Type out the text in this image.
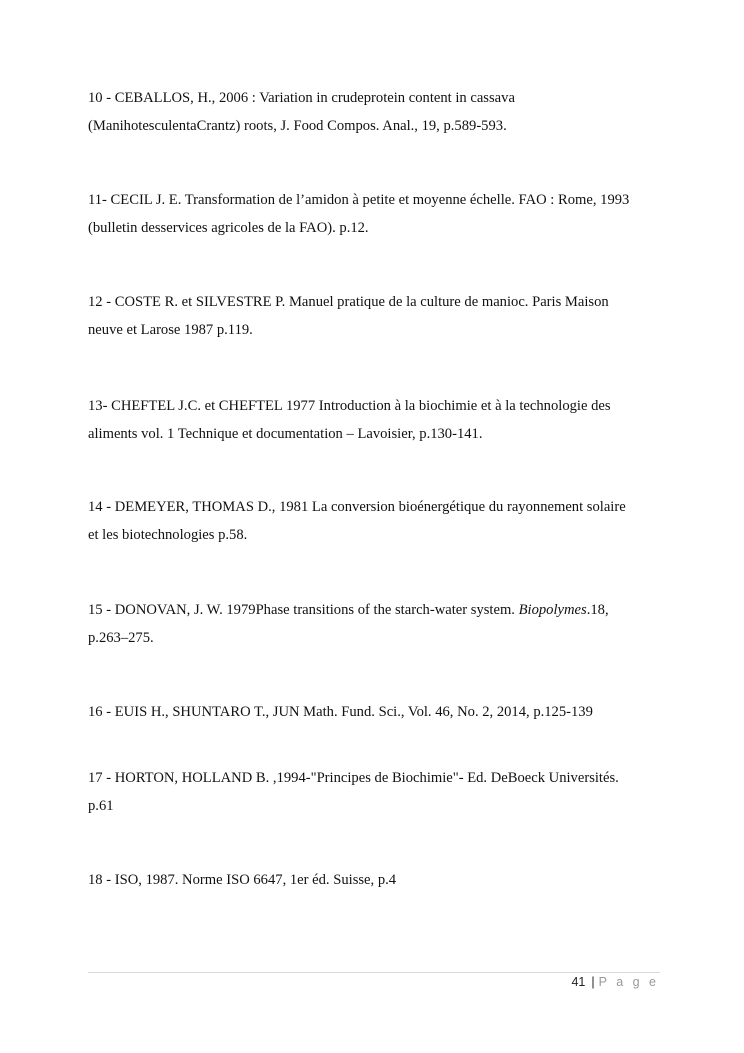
10 - CEBALLOS, H., 2006 : Variation in crudeprotein content in cassava
(ManihotesculentaCrantz) roots, J. Food Compos. Anal., 19, p.589-593.
11- CECIL J. E. Transformation de l’amidon à petite et moyenne échelle. FAO : Rome, 1993
(bulletin desservices agricoles de la FAO). p.12.
12 - COSTE R. et SILVESTRE P. Manuel pratique de la culture de manioc. Paris Maison
neuve et Larose 1987 p.119.
13- CHEFTEL J.C. et CHEFTEL 1977 Introduction à la biochimie et à la technologie des
aliments vol. 1 Technique et documentation – Lavoisier, p.130-141.
14 - DEMEYER, THOMAS D., 1981 La conversion bioénergétique du rayonnement solaire
et les biotechnologies p.58.
15 - DONOVAN, J. W. 1979Phase transitions of the starch-water system. Biopolymes.18,
p.263–275.
16 - EUIS H., SHUNTARO T., JUN Math. Fund. Sci., Vol. 46, No. 2, 2014, p.125-139
17 - HORTON, HOLLAND B. ,1994-"Principes de Biochimie"- Ed. DeBoeck Universités.
p.61
18 - ISO, 1987. Norme ISO 6647, 1er éd. Suisse, p.4
41 | P a g e
